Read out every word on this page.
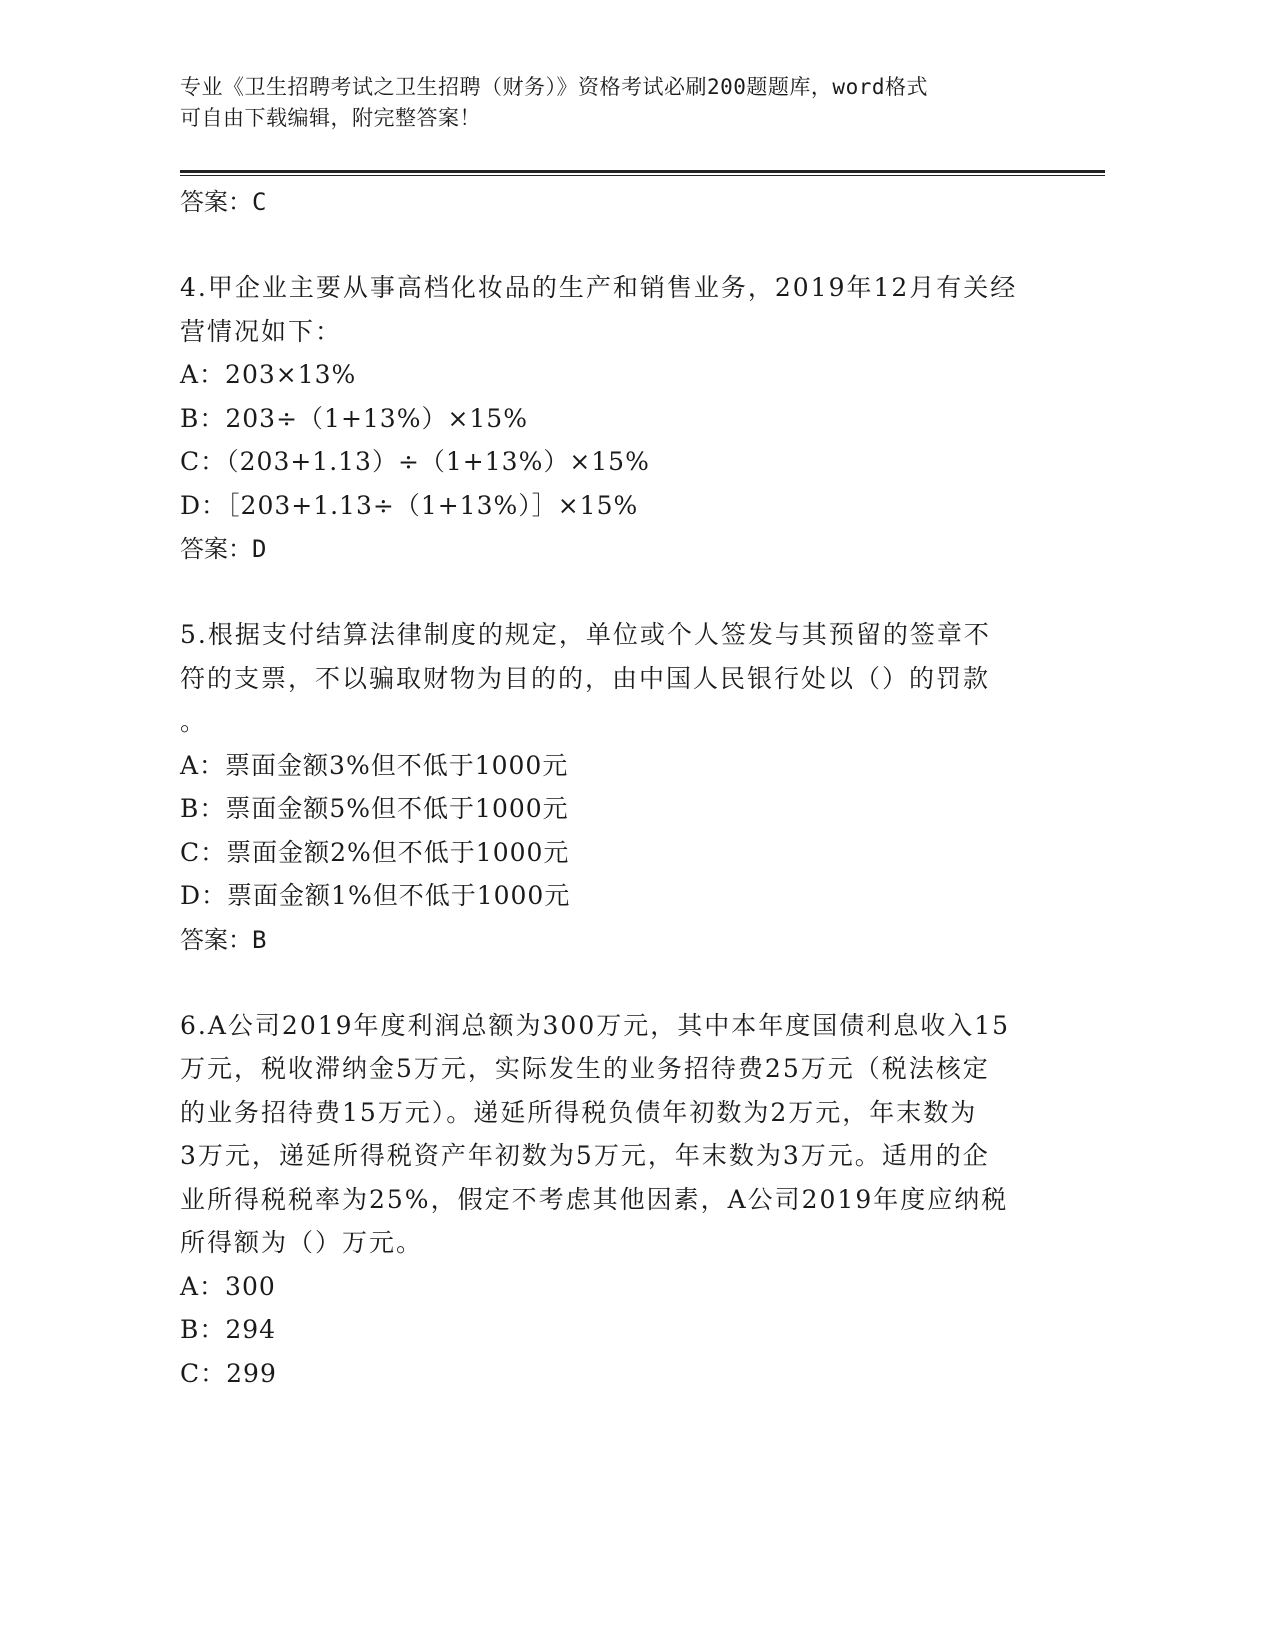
专业《卫生招聘考试之卫生招聘（财务）》资格考试必刷200题题库，word格式
可自由下载编辑，附完整答案！
答案：C
4.甲企业主要从事高档化妆品的生产和销售业务，2019年12月有关经
营情况如下：
A：203×13%
B：203÷（1+13%）×15%
C：（203+1.13）÷（1+13%）×15%
D：［203+1.13÷（1+13%）］×15%
答案：D
5.根据支付结算法律制度的规定，单位或个人签发与其预留的签章不
符的支票，不以骗取财物为目的的，由中国人民银行处以（）的罚款
。
A：票面金额3%但不低于1000元
B：票面金额5%但不低于1000元
C：票面金额2%但不低于1000元
D：票面金额1%但不低于1000元
答案：B
6.A公司2019年度利润总额为300万元，其中本年度国债利息收入15
万元，税收滞纳金5万元，实际发生的业务招待费25万元（税法核定
的业务招待费15万元）。递延所得税负债年初数为2万元，年末数为
3万元，递延所得税资产年初数为5万元，年末数为3万元。适用的企
业所得税税率为25%，假定不考虑其他因素，A公司2019年度应纳税
所得额为（）万元。
A：300
B：294
C：299
